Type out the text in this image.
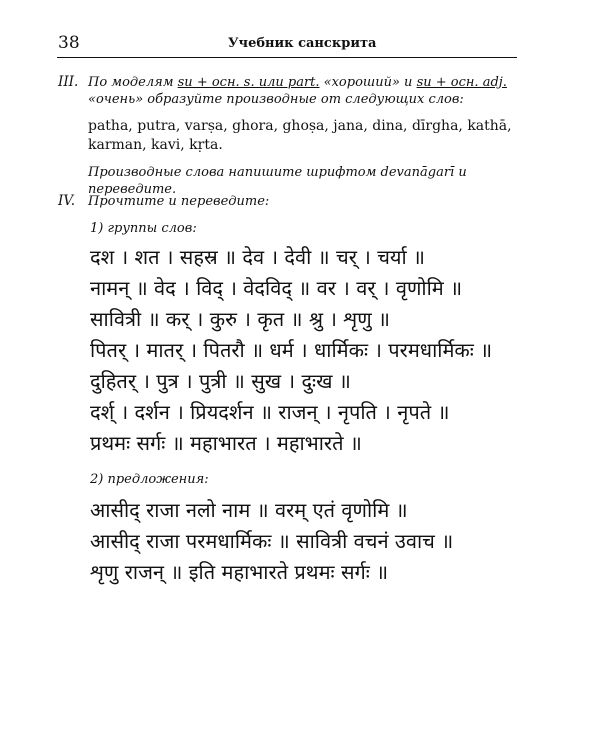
38	Учебник санскрита
III. По моделям su + осн. s. или part. «хороший» и su + осн. adj. «очень» образуйте производные от следующих слов:
patha, putra, varṣa, ghora, ghoṣa, jana, dina, dīrgha, kathā, karman, kavi, kṛta.
Производные слова напишите шрифтом devanāgarī и переведите.
IV. Прочтите и переведите:
1) группы слов:
दश । शत । सहस्र ॥ देव । देवी ॥ चर् । चर्या ॥
नामन् ॥ वेद । विद् । वेदविद् ॥ वर । वर् । वृणोमि ॥
सावित्री ॥ कर् । कुरु । कृत ॥ श्रु । शृणु ॥
पितर् । मातर् । पितरौ ॥ धर्म । धार्मिकः । परमधार्मिकः ॥
दुहितर् । पुत्र । पुत्री ॥ सुख । दुःख ॥
दर्श् । दर्शन । प्रियदर्शन ॥ राजन् । नृपति । नृपते ॥
प्रथमः सर्गः ॥ महाभारत । महाभारते ॥
2) предложения:
आसीद् राजा नलो नाम ॥ वरम् एतं वृणोमि ॥
आसीद् राजा परमधार्मिकः ॥ सावित्री वचनं उवाच ॥
शृणु राजन् ॥ इति महाभारते प्रथमः सर्गः ॥
